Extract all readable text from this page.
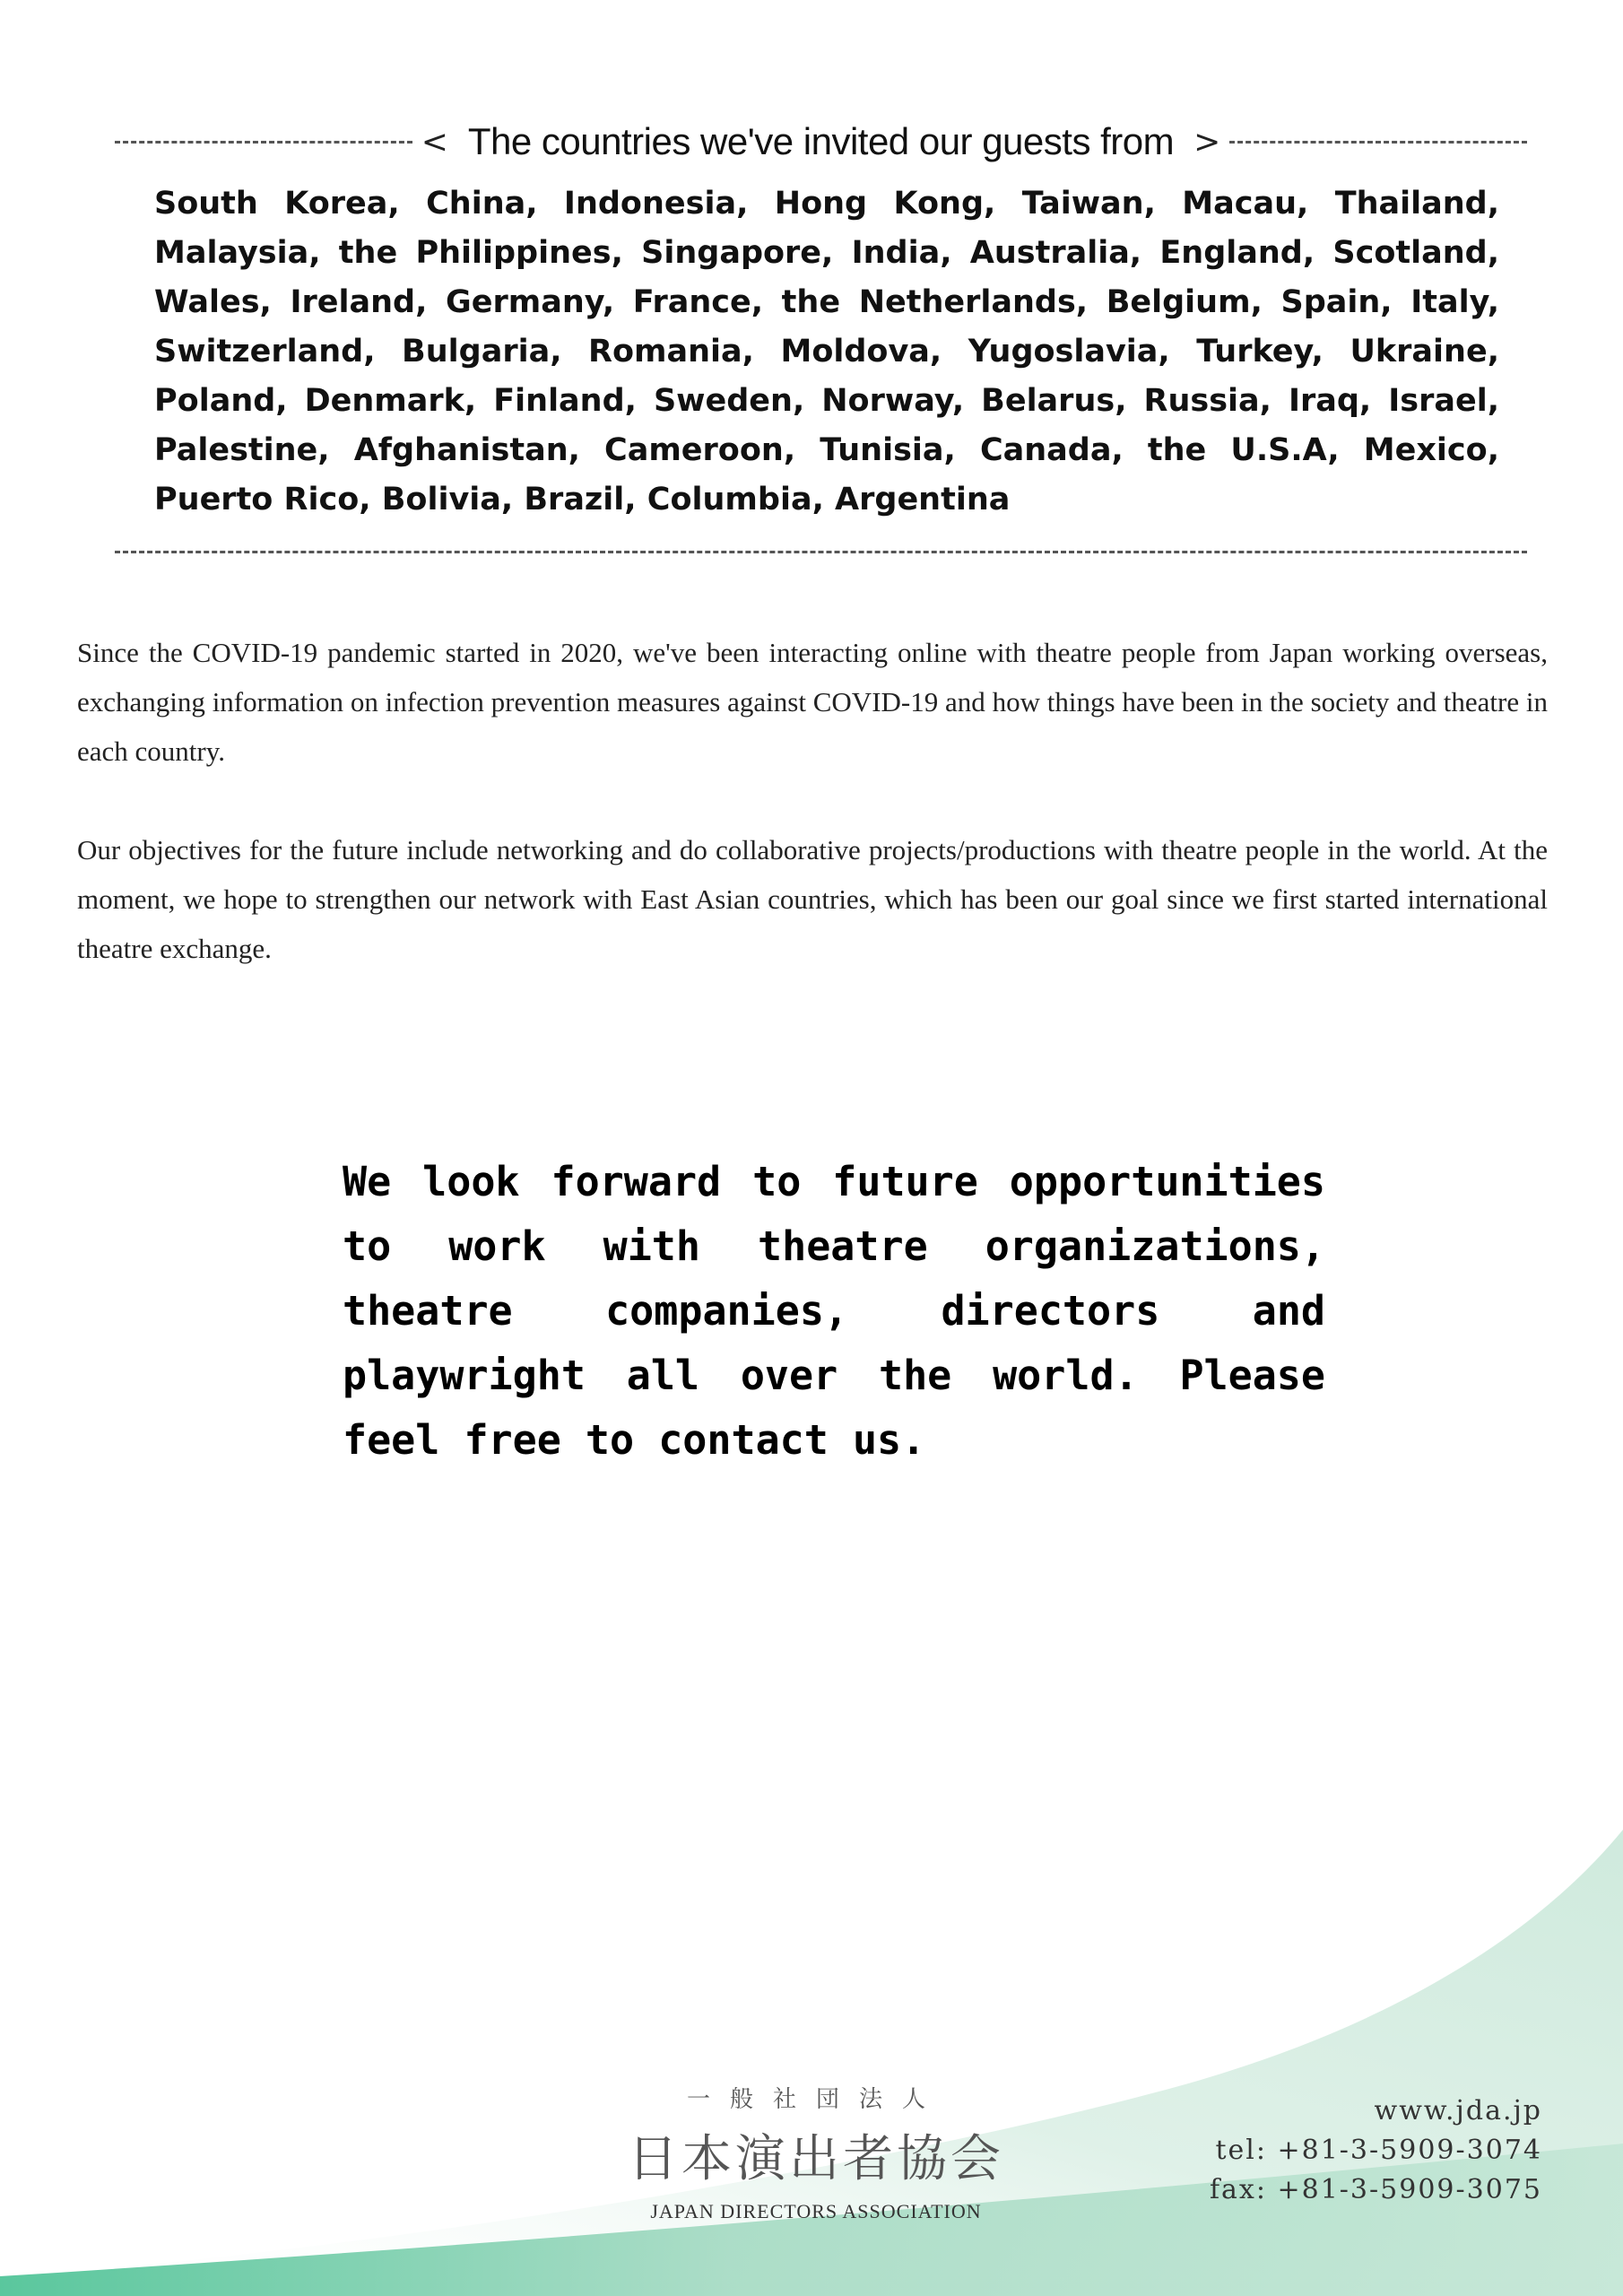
< The countries we've invited our guests from >
South Korea, China, Indonesia, Hong Kong, Taiwan, Macau, Thailand, Malaysia, the Philippines, Singapore, India, Australia, England, Scotland, Wales, Ireland, Germany, France, the Netherlands, Belgium, Spain, Italy, Switzerland, Bulgaria, Romania, Moldova, Yugoslavia, Turkey, Ukraine, Poland, Denmark, Finland, Sweden, Norway, Belarus, Russia, Iraq, Israel, Palestine, Afghanistan, Cameroon, Tunisia, Canada, the U.S.A, Mexico, Puerto Rico, Bolivia, Brazil, Columbia, Argentina
Since the COVID-19 pandemic started in 2020, we've been interacting online with theatre people from Japan working overseas, exchanging information on infection prevention measures against COVID-19 and how things have been in the society and theatre in each country.
Our objectives for the future include networking and do collaborative projects/productions with theatre people in the world. At the moment, we hope to strengthen our network with East Asian countries, which has been our goal since we first started international theatre exchange.
We look forward to future opportunities to work with theatre organizations, theatre companies, directors and playwright all over the world. Please feel free to contact us.
一般社団法人
日本演出者協会
JAPAN DIRECTORS ASSOCIATION
www.jda.jp
tel: +81-3-5909-3074
fax: +81-3-5909-3075
